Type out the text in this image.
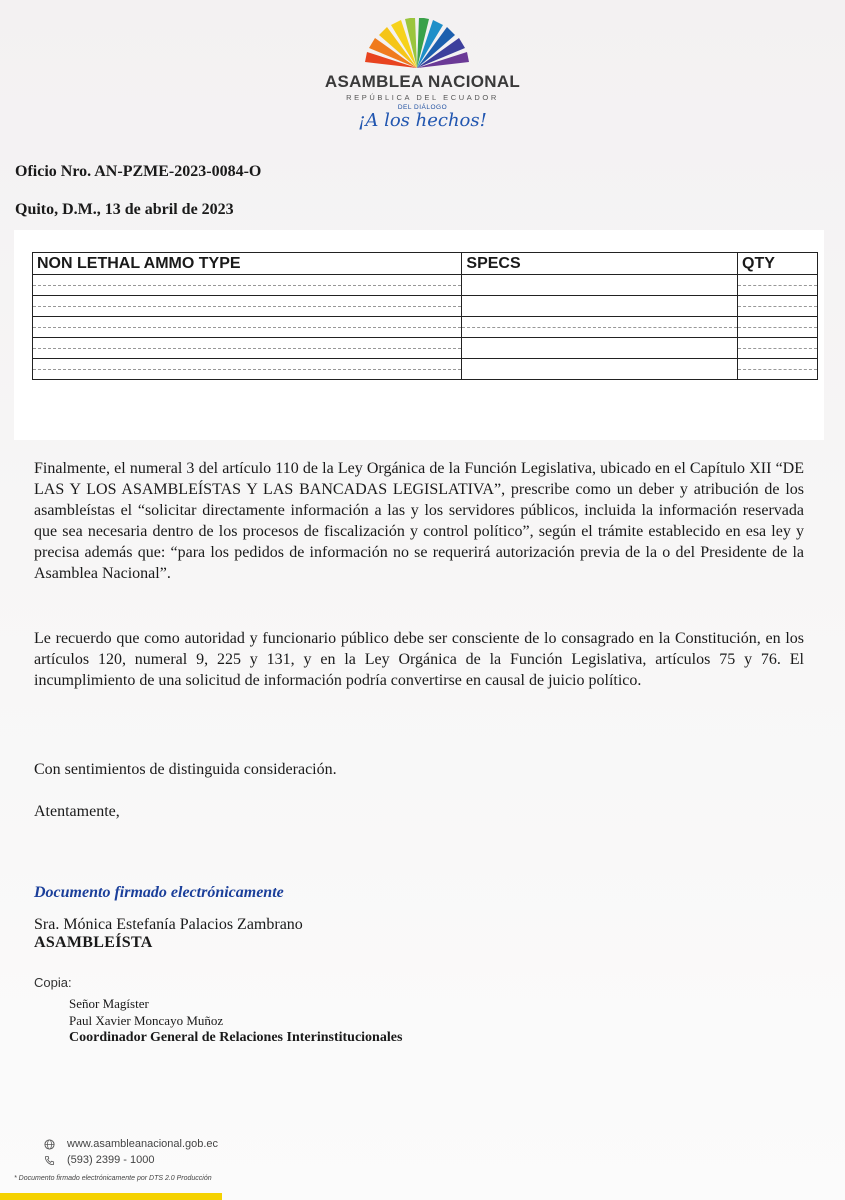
ASAMBLEA NACIONAL
REPÚBLICA DEL ECUADOR
DEL DIÁLOGO
¡A los hechos!
Oficio Nro. AN-PZME-2023-0084-O
Quito, D.M., 13 de abril de 2023
NON LETHAL AMMO TYPE	SPECS	QTY

Finalmente, el numeral 3 del artículo 110 de la Ley Orgánica de la Función Legislativa, ubicado en el Capítulo XII “DE LAS Y LOS ASAMBLEÍSTAS Y LAS BANCADAS LEGISLATIVA”, prescribe como un deber y atribución de los asambleístas el “solicitar directamente información a las y los servidores públicos, incluida la información reservada que sea necesaria dentro de los procesos de fiscalización y control político”, según el trámite establecido en esa ley y precisa además que: “para los pedidos de información no se requerirá autorización previa de la o del Presidente de la Asamblea Nacional”.
Le recuerdo que como autoridad y funcionario público debe ser consciente de lo consagrado en la Constitución, en los artículos 120, numeral 9, 225 y 131, y en la Ley Orgánica de la Función Legislativa, artículos 75 y 76. El incumplimiento de una solicitud de información podría convertirse en causal de juicio político.
Con sentimientos de distinguida consideración.
Atentamente,
Documento firmado electrónicamente
Sra. Mónica Estefanía Palacios Zambrano
ASAMBLEÍSTA
Copia:
Señor Magíster
Paul Xavier Moncayo Muñoz
Coordinador General de Relaciones Interinstitucionales
www.asambleanacional.gob.ec
(593) 2399 - 1000
* Documento firmado electrónicamente por DTS 2.0 Producción
